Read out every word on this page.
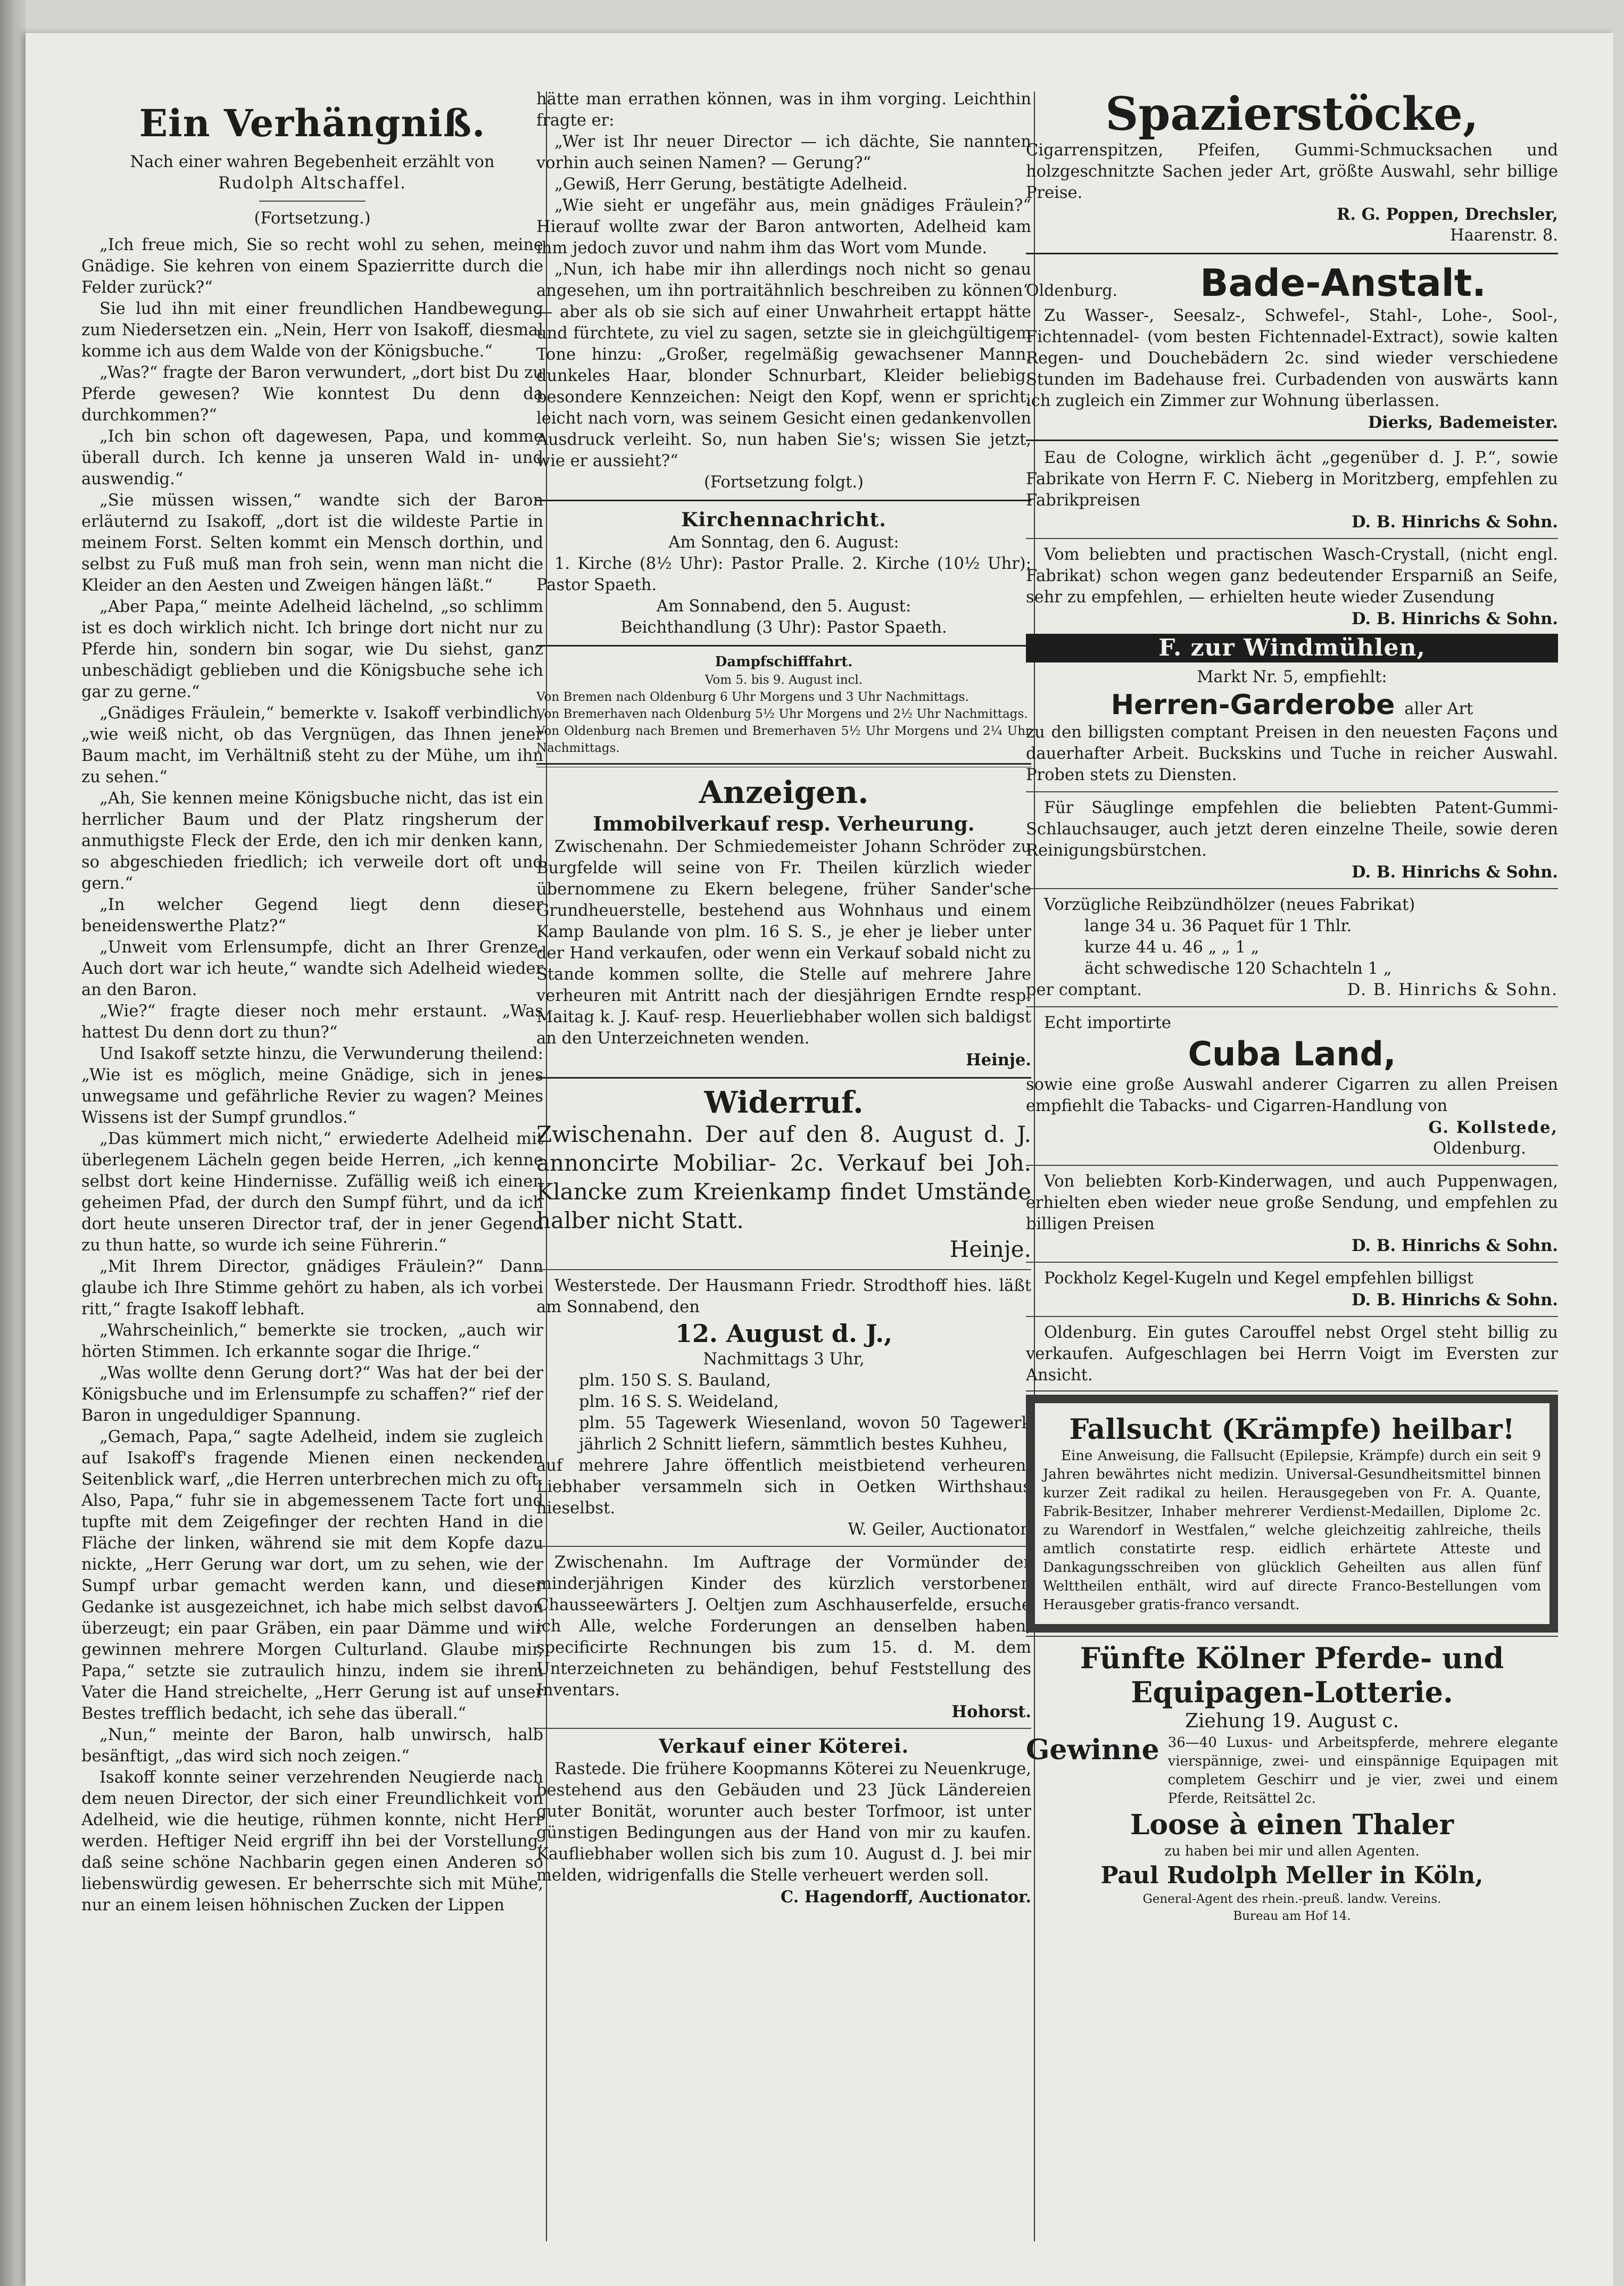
Ein Verhängniß.

Nach einer wahren Begebenheit erzählt von

Rudolph Altschaffel.

(Fortsetzung.)

„Ich freue mich, Sie so recht wohl zu sehen, meine Gnädige. Sie kehren von einem Spazierritte durch die Felder zurück?“

Sie lud ihn mit einer freundlichen Handbewegung zum Niedersetzen ein. „Nein, Herr von Isakoff, diesmal komme ich aus dem Walde von der Königsbuche.“

„Was?“ fragte der Baron verwundert, „dort bist Du zu Pferde gewesen? Wie konntest Du denn da durchkommen?“

„Ich bin schon oft dagewesen, Papa, und komme überall durch. Ich kenne ja unseren Wald in- und auswendig.“

„Sie müssen wissen,“ wandte sich der Baron erläuternd zu Isakoff, „dort ist die wildeste Partie in meinem Forst. Selten kommt ein Mensch dorthin, und selbst zu Fuß muß man froh sein, wenn man nicht die Kleider an den Aesten und Zweigen hängen läßt.“

„Aber Papa,“ meinte Adelheid lächelnd, „so schlimm ist es doch wirklich nicht. Ich bringe dort nicht nur zu Pferde hin, sondern bin sogar, wie Du siehst, ganz unbeschädigt geblieben und die Königsbuche sehe ich gar zu gerne.“

„Gnädiges Fräulein,“ bemerkte v. Isakoff verbindlich, „wie weiß nicht, ob das Vergnügen, das Ihnen jener Baum macht, im Verhältniß steht zu der Mühe, um ihn zu sehen.“

„Ah, Sie kennen meine Königsbuche nicht, das ist ein herrlicher Baum und der Platz ringsherum der anmuthigste Fleck der Erde, den ich mir denken kann, so abgeschieden friedlich; ich verweile dort oft und gern.“

„In welcher Gegend liegt denn dieser beneidenswerthe Platz?“

„Unweit vom Erlensumpfe, dicht an Ihrer Grenze. Auch dort war ich heute,“ wandte sich Adelheid wieder an den Baron.

„Wie?“ fragte dieser noch mehr erstaunt. „Was hattest Du denn dort zu thun?“

Und Isakoff setzte hinzu, die Verwunderung theilend: „Wie ist es möglich, meine Gnädige, sich in jenes unwegsame und gefährliche Revier zu wagen? Meines Wissens ist der Sumpf grundlos.“

„Das kümmert mich nicht,“ erwiederte Adelheid mit überlegenem Lächeln gegen beide Herren, „ich kenne selbst dort keine Hindernisse. Zufällig weiß ich einen geheimen Pfad, der durch den Sumpf führt, und da ich dort heute unseren Director traf, der in jener Gegend zu thun hatte, so wurde ich seine Führerin.“

„Mit Ihrem Director, gnädiges Fräulein?“ Dann glaube ich Ihre Stimme gehört zu haben, als ich vorbei ritt,“ fragte Isakoff lebhaft.

„Wahrscheinlich,“ bemerkte sie trocken, „auch wir hörten Stimmen. Ich erkannte sogar die Ihrige.“

„Was wollte denn Gerung dort?“ Was hat der bei der Königsbuche und im Erlensumpfe zu schaffen?“ rief der Baron in ungeduldiger Spannung.

„Gemach, Papa,“ sagte Adelheid, indem sie zugleich auf Isakoff's fragende Mienen einen neckenden Seitenblick warf, „die Herren unterbrechen mich zu oft. Also, Papa,“ fuhr sie in abgemessenem Tacte fort und tupfte mit dem Zeigefinger der rechten Hand in die Fläche der linken, während sie mit dem Kopfe dazu nickte, „Herr Gerung war dort, um zu sehen, wie der Sumpf urbar gemacht werden kann, und dieser Gedanke ist ausgezeichnet, ich habe mich selbst davon überzeugt; ein paar Gräben, ein paar Dämme und wir gewinnen mehrere Morgen Culturland. Glaube mir, Papa,“ setzte sie zutraulich hinzu, indem sie ihrem Vater die Hand streichelte, „Herr Gerung ist auf unser Bestes trefflich bedacht, ich sehe das überall.“

„Nun,“ meinte der Baron, halb unwirsch, halb besänftigt, „das wird sich noch zeigen.“

Isakoff konnte seiner verzehrenden Neugierde nach dem neuen Director, der sich einer Freundlichkeit von Adelheid, wie die heutige, rühmen konnte, nicht Herr werden. Heftiger Neid ergriff ihn bei der Vorstellung, daß seine schöne Nachbarin gegen einen Anderen so liebenswürdig gewesen. Er beherrschte sich mit Mühe, nur an einem leisen höhnischen Zucken der Lippen

hätte man errathen können, was in ihm vorging. Leichthin fragte er:

„Wer ist Ihr neuer Director — ich dächte, Sie nannten vorhin auch seinen Namen? — Gerung?“

„Gewiß, Herr Gerung, bestätigte Adelheid.

„Wie sieht er ungefähr aus, mein gnädiges Fräulein?“ Hierauf wollte zwar der Baron antworten, Adelheid kam ihm jedoch zuvor und nahm ihm das Wort vom Munde.

„Nun, ich habe mir ihn allerdings noch nicht so genau angesehen, um ihn portraitähnlich beschreiben zu können“ — aber als ob sie sich auf einer Unwahrheit ertappt hätte und fürchtete, zu viel zu sagen, setzte sie in gleichgültigem Tone hinzu: „Großer, regelmäßig gewachsener Mann, dunkeles Haar, blonder Schnurbart, Kleider beliebig; besondere Kennzeichen: Neigt den Kopf, wenn er spricht, leicht nach vorn, was seinem Gesicht einen gedankenvollen Ausdruck verleiht. So, nun haben Sie's; wissen Sie jetzt, wie er aussieht?“

(Fortsetzung folgt.)

Kirchennachricht.

Am Sonntag, den 6. August:

1. Kirche (8½ Uhr): Pastor Pralle. 2. Kirche (10½ Uhr): Pastor Spaeth.

Am Sonnabend, den 5. August:

Beichthandlung (3 Uhr): Pastor Spaeth.

Dampfschifffahrt.

Vom 5. bis 9. August incl.

Von Bremen nach Oldenburg 6 Uhr Morgens und 3 Uhr Nachmittags.

Von Bremerhaven nach Oldenburg 5½ Uhr Morgens und 2½ Uhr Nachmittags.

Von Oldenburg nach Bremen und Bremerhaven 5½ Uhr Morgens und 2¼ Uhr Nachmittags.

Anzeigen.

Immobilverkauf resp. Verheurung.

Zwischenahn. Der Schmiedemeister Johann Schröder zu Burgfelde will seine von Fr. Theilen kürzlich wieder übernommene zu Ekern belegene, früher Sander'sche Grundheuerstelle, bestehend aus Wohnhaus und einem Kamp Baulande von plm. 16 S. S., je eher je lieber unter der Hand verkaufen, oder wenn ein Verkauf sobald nicht zu Stande kommen sollte, die Stelle auf mehrere Jahre verheuren mit Antritt nach der diesjährigen Erndte resp. Maitag k. J. Kauf- resp. Heuerliebhaber wollen sich baldigst an den Unterzeichneten wenden.

Heinje.

Widerruf.

Zwischenahn. Der auf den 8. August d. J. annoncirte Mobiliar- 2c. Verkauf bei Joh. Klancke zum Kreienkamp findet Umstände halber nicht Statt.

Heinje.

Westerstede. Der Hausmann Friedr. Strodthoff hies. läßt am Sonnabend, den

12. August d. J.,

Nachmittags 3 Uhr,

plm. 150 S. S. Bauland,

plm. 16 S. S. Weideland,

plm. 55 Tagewerk Wiesenland, wovon 50 Tagewerk jährlich 2 Schnitt liefern, sämmtlich bestes Kuhheu,

auf mehrere Jahre öffentlich meistbietend verheuren. Liebhaber versammeln sich in Oetken Wirthshaus hieselbst.

W. Geiler, Auctionator.

Zwischenahn. Im Auftrage der Vormünder der minderjährigen Kinder des kürzlich verstorbenen Chausseewärters J. Oeltjen zum Aschhauserfelde, ersuche ich Alle, welche Forderungen an denselben haben, specificirte Rechnungen bis zum 15. d. M. dem Unterzeichneten zu behändigen, behuf Feststellung des Inventars.

Hohorst.

Verkauf einer Köterei.

Rastede. Die frühere Koopmanns Köterei zu Neuenkruge, bestehend aus den Gebäuden und 23 Jück Ländereien guter Bonität, worunter auch bester Torfmoor, ist unter günstigen Bedingungen aus der Hand von mir zu kaufen. Kaufliebhaber wollen sich bis zum 10. August d. J. bei mir melden, widrigenfalls die Stelle verheuert werden soll.

C. Hagendorff, Auctionator.

Spazierstöcke,

Cigarrenspitzen, Pfeifen, Gummi-Schmucksachen und holzgeschnitzte Sachen jeder Art, größte Auswahl, sehr billige Preise.

R. G. Poppen, Drechsler,

Haarenstr. 8.

Oldenburg.	Bade-Anstalt.

Zu Wasser-, Seesalz-, Schwefel-, Stahl-, Lohe-, Sool-, Fichtennadel- (vom besten Fichtennadel-Extract), sowie kalten Regen- und Douchebädern 2c. sind wieder verschiedene Stunden im Badehause frei. Curbadenden von auswärts kann ich zugleich ein Zimmer zur Wohnung überlassen.

Dierks, Bademeister.

Eau de Cologne, wirklich ächt „gegenüber d. J. P.“, sowie Fabrikate von Herrn F. C. Nieberg in Moritzberg, empfehlen zu Fabrikpreisen

D. B. Hinrichs & Sohn.

Vom beliebten und practischen Wasch-Crystall, (nicht engl. Fabrikat) schon wegen ganz bedeutender Ersparniß an Seife, sehr zu empfehlen, — erhielten heute wieder Zusendung

D. B. Hinrichs & Sohn.

F. zur Windmühlen,

Markt Nr. 5, empfiehlt:

Herren-Garderobe aller Art

zu den billigsten comptant Preisen in den neuesten Façons und dauerhafter Arbeit. Buckskins und Tuche in reicher Auswahl. Proben stets zu Diensten.

Für Säuglinge empfehlen die beliebten Patent-Gummi-Schlauchsauger, auch jetzt deren einzelne Theile, sowie deren Reinigungsbürstchen.

D. B. Hinrichs & Sohn.

Vorzügliche Reibzündhölzer (neues Fabrikat)

lange 34 u. 36 Paquet für 1 Thlr.

kurze 44 u. 46 „ „ 1 „

ächt schwedische 120 Schachteln 1 „

per comptant.	D. B. Hinrichs & Sohn.

Echt importirte

Cuba Land,

sowie eine große Auswahl anderer Cigarren zu allen Preisen empfiehlt die Tabacks- und Cigarren-Handlung von

G. Kollstede,

Oldenburg.

Von beliebten Korb-Kinderwagen, und auch Puppenwagen, erhielten eben wieder neue große Sendung, und empfehlen zu billigen Preisen

D. B. Hinrichs & Sohn.

Pockholz Kegel-Kugeln und Kegel empfehlen billigst

D. B. Hinrichs & Sohn.

Oldenburg. Ein gutes Carouffel nebst Orgel steht billig zu verkaufen. Aufgeschlagen bei Herrn Voigt im Eversten zur Ansicht.

Fallsucht (Krämpfe) heilbar!

Eine Anweisung, die Fallsucht (Epilepsie, Krämpfe) durch ein seit 9 Jahren bewährtes nicht medizin. Universal-Gesundheitsmittel binnen kurzer Zeit radikal zu heilen. Herausgegeben von Fr. A. Quante, Fabrik-Besitzer, Inhaber mehrerer Verdienst-Medaillen, Diplome 2c. zu Warendorf in Westfalen,“ welche gleichzeitig zahlreiche, theils amtlich constatirte resp. eidlich erhärtete Atteste und Dankagungsschreiben von glücklich Geheilten aus allen fünf Welttheilen enthält, wird auf directe Franco-Bestellungen vom Herausgeber gratis-franco versandt.

Fünfte Kölner Pferde- und Equipagen-Lotterie.

Ziehung 19. August c.

Gewinne 36—40 Luxus- und Arbeitspferde, mehrere elegante vierspännige, zwei- und einspännige Equipagen mit completem Geschirr und je vier, zwei und einem Pferde, Reitsättel 2c.

Loose à einen Thaler

zu haben bei mir und allen Agenten.

Paul Rudolph Meller in Köln,

General-Agent des rhein.-preuß. landw. Vereins.

Bureau am Hof 14.
